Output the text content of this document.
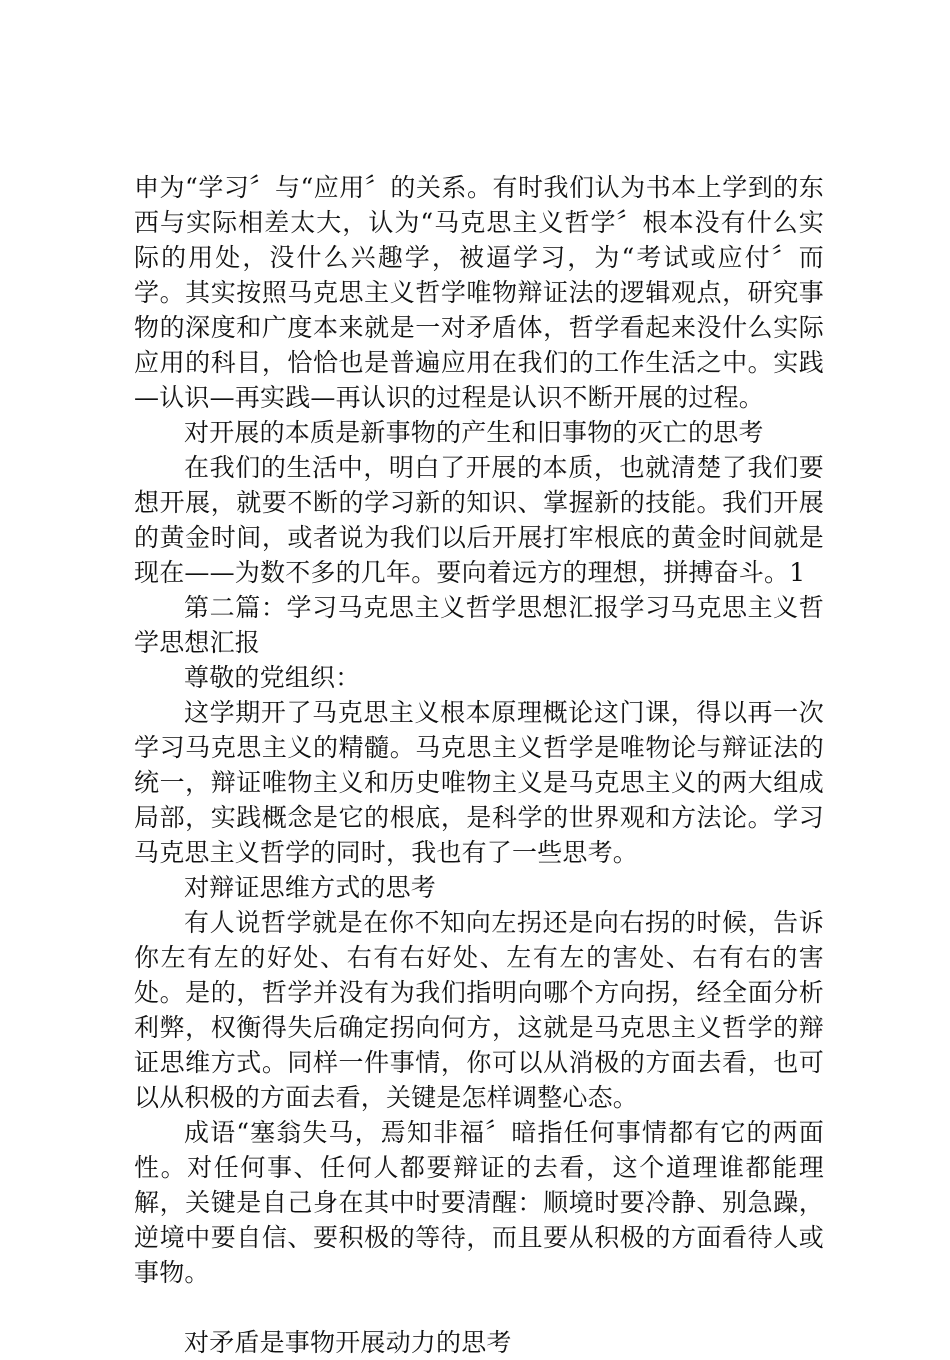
申为“学习〞与“应用〞的关系。有时我们认为书本上学到的东西与实际相差太大，认为“马克思主义哲学〞根本没有什么实际的用处，没什么兴趣学，被逼学习，为“考试或应付〞而学。其实按照马克思主义哲学唯物辩证法的逻辑观点，研究事物的深度和广度本来就是一对矛盾体，哲学看起来没什么实际应用的科目，恰恰也是普遍应用在我们的工作生活之中。实践—认识—再实践—再认识的过程是认识不断开展的过程。

对开展的本质是新事物的产生和旧事物的灭亡的思考

在我们的生活中，明白了开展的本质，也就清楚了我们要想开展，就要不断的学习新的知识、掌握新的技能。我们开展的黄金时间，或者说为我们以后开展打牢根底的黄金时间就是现在——为数不多的几年。要向着远方的理想，拼搏奋斗。1

第二篇：学习马克思主义哲学思想汇报学习马克思主义哲学思想汇报

尊敬的党组织：

这学期开了马克思主义根本原理概论这门课，得以再一次学习马克思主义的精髓。马克思主义哲学是唯物论与辩证法的统一，辩证唯物主义和历史唯物主义是马克思主义的两大组成局部，实践概念是它的根底，是科学的世界观和方法论。学习马克思主义哲学的同时，我也有了一些思考。

对辩证思维方式的思考

有人说哲学就是在你不知向左拐还是向右拐的时候，告诉你左有左的好处、右有右好处、左有左的害处、右有右的害处。是的，哲学并没有为我们指明向哪个方向拐，经全面分析利弊，权衡得失后确定拐向何方，这就是马克思主义哲学的辩证思维方式。同样一件事情，你可以从消极的方面去看，也可以从积极的方面去看，关键是怎样调整心态。

成语“塞翁失马，焉知非福〞暗指任何事情都有它的两面性。对任何事、任何人都要辩证的去看，这个道理谁都能理解，关键是自己身在其中时要清醒：顺境时要冷静、别急躁，逆境中要自信、要积极的等待，而且要从积极的方面看待人或事物。

对矛盾是事物开展动力的思考
